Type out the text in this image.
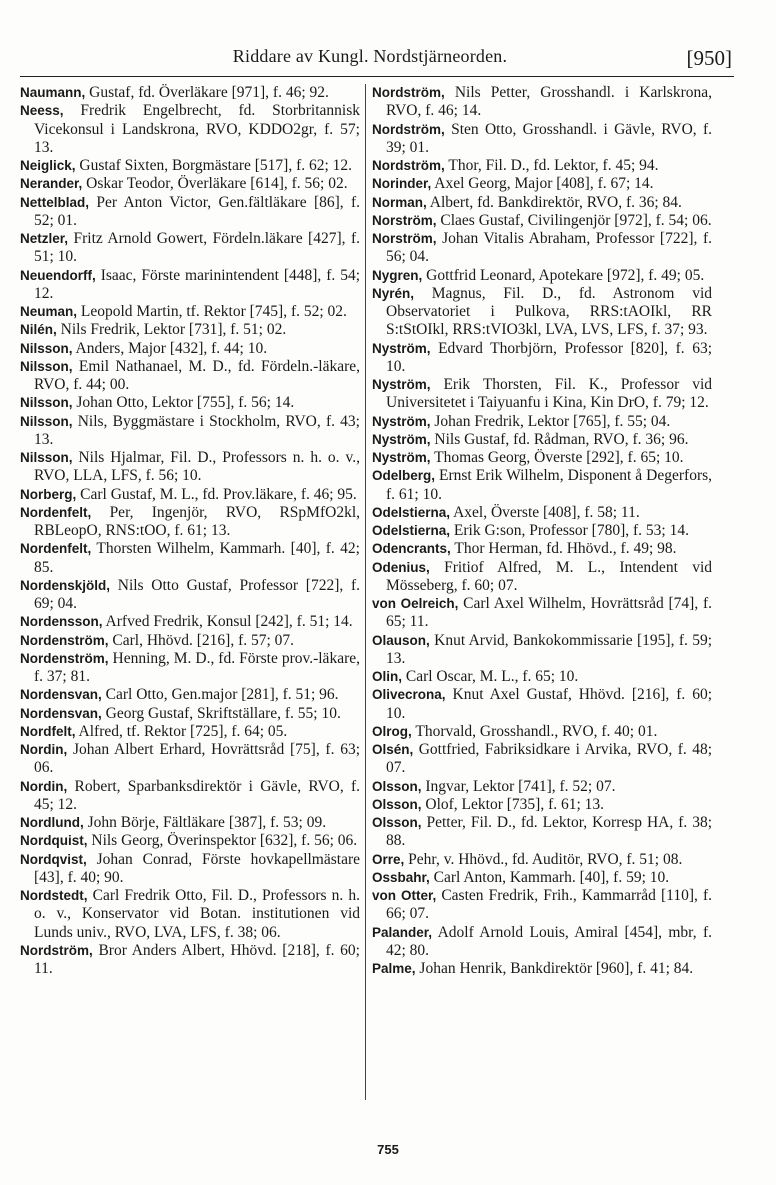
Riddare av Kungl. Nordstjärneorden.	[950]

Naumann, Gustaf, fd. Överläkare [971], f. 46; 92.

Neess, Fredrik Engelbrecht, fd. Storbritannisk Vicekonsul i Landskrona, RVO, KDDO2gr, f. 57; 13.

Neiglick, Gustaf Sixten, Borgmästare [517], f. 62; 12.

Nerander, Oskar Teodor, Överläkare [614], f. 56; 02.

Nettelblad, Per Anton Victor, Gen.fältläkare [86], f. 52; 01.

Netzler, Fritz Arnold Gowert, Fördeln.läkare [427], f. 51; 10.

Neuendorff, Isaac, Förste marinintendent [448], f. 54; 12.

Neuman, Leopold Martin, tf. Rektor [745], f. 52; 02.

Nilén, Nils Fredrik, Lektor [731], f. 51; 02.

Nilsson, Anders, Major [432], f. 44; 10.

Nilsson, Emil Nathanael, M. D., fd. Fördeln.-läkare, RVO, f. 44; 00.

Nilsson, Johan Otto, Lektor [755], f. 56; 14.

Nilsson, Nils, Byggmästare i Stockholm, RVO, f. 43; 13.

Nilsson, Nils Hjalmar, Fil. D., Professors n. h. o. v., RVO, LLA, LFS, f. 56; 10.

Norberg, Carl Gustaf, M. L., fd. Prov.läkare, f. 46; 95.

Nordenfelt, Per, Ingenjör, RVO, RSpMfO2kl, RBLeopO, RNS:tOO, f. 61; 13.

Nordenfelt, Thorsten Wilhelm, Kammarh. [40], f. 42; 85.

Nordenskjöld, Nils Otto Gustaf, Professor [722], f. 69; 04.

Nordensson, Arfved Fredrik, Konsul [242], f. 51; 14.

Nordenström, Carl, Hhövd. [216], f. 57; 07.

Nordenström, Henning, M. D., fd. Förste prov.-läkare, f. 37; 81.

Nordensvan, Carl Otto, Gen.major [281], f. 51; 96.

Nordensvan, Georg Gustaf, Skriftställare, f. 55; 10.

Nordfelt, Alfred, tf. Rektor [725], f. 64; 05.

Nordin, Johan Albert Erhard, Hovrättsråd [75], f. 63; 06.

Nordin, Robert, Sparbanksdirektör i Gävle, RVO, f. 45; 12.

Nordlund, John Börje, Fältläkare [387], f. 53; 09.

Nordquist, Nils Georg, Överinspektor [632], f. 56; 06.

Nordqvist, Johan Conrad, Förste hovkapellmästare [43], f. 40; 90.

Nordstedt, Carl Fredrik Otto, Fil. D., Professors n. h. o. v., Konservator vid Botan. institutionen vid Lunds univ., RVO, LVA, LFS, f. 38; 06.

Nordström, Bror Anders Albert, Hhövd. [218], f. 60; 11.

Nordström, Nils Petter, Grosshandl. i Karlskrona, RVO, f. 46; 14.

Nordström, Sten Otto, Grosshandl. i Gävle, RVO, f. 39; 01.

Nordström, Thor, Fil. D., fd. Lektor, f. 45; 94.

Norinder, Axel Georg, Major [408], f. 67; 14.

Norman, Albert, fd. Bankdirektör, RVO, f. 36; 84.

Norström, Claes Gustaf, Civilingenjör [972], f. 54; 06.

Norström, Johan Vitalis Abraham, Professor [722], f. 56; 04.

Nygren, Gottfrid Leonard, Apotekare [972], f. 49; 05.

Nyrén, Magnus, Fil. D., fd. Astronom vid Observatoriet i Pulkova, RRS:tAOIkl, RR S:tStOIkl, RRS:tVIO3kl, LVA, LVS, LFS, f. 37; 93.

Nyström, Edvard Thorbjörn, Professor [820], f. 63; 10.

Nyström, Erik Thorsten, Fil. K., Professor vid Universitetet i Taiyuanfu i Kina, Kin DrO, f. 79; 12.

Nyström, Johan Fredrik, Lektor [765], f. 55; 04.

Nyström, Nils Gustaf, fd. Rådman, RVO, f. 36; 96.

Nyström, Thomas Georg, Överste [292], f. 65; 10.

Odelberg, Ernst Erik Wilhelm, Disponent å Degerfors, f. 61; 10.

Odelstierna, Axel, Överste [408], f. 58; 11.

Odelstierna, Erik G:son, Professor [780], f. 53; 14.

Odencrants, Thor Herman, fd. Hhövd., f. 49; 98.

Odenius, Fritiof Alfred, M. L., Intendent vid Mösseberg, f. 60; 07.

von Oelreich, Carl Axel Wilhelm, Hovrättsråd [74], f. 65; 11.

Olauson, Knut Arvid, Bankokommissarie [195], f. 59; 13.

Olin, Carl Oscar, M. L., f. 65; 10.

Olivecrona, Knut Axel Gustaf, Hhövd. [216], f. 60; 10.

Olrog, Thorvald, Grosshandl., RVO, f. 40; 01.

Olsén, Gottfried, Fabriksidkare i Arvika, RVO, f. 48; 07.

Olsson, Ingvar, Lektor [741], f. 52; 07.

Olsson, Olof, Lektor [735], f. 61; 13.

Olsson, Petter, Fil. D., fd. Lektor, Korresp HA, f. 38; 88.

Orre, Pehr, v. Hhövd., fd. Auditör, RVO, f. 51; 08.

Ossbahr, Carl Anton, Kammarh. [40], f. 59; 10.

von Otter, Casten Fredrik, Frih., Kammarråd [110], f. 66; 07.

Palander, Adolf Arnold Louis, Amiral [454], mbr, f. 42; 80.

Palme, Johan Henrik, Bankdirektör [960], f. 41; 84.

755
